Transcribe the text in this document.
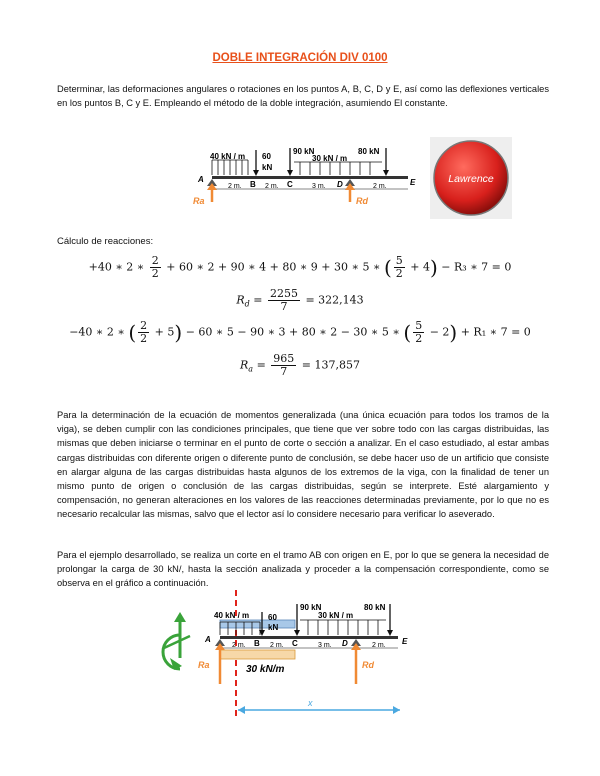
DOBLE INTEGRACIÓN DIV 0100
Determinar, las deformaciones angulares o rotaciones en los puntos A, B, C, D y E, así como las deflexiones verticales en los puntos B, C y E. Empleando el método de la doble integración, asumiendo El constante.
40 kN / m 60
kN
90 kN
30 kN / m
80 kN
A
B	C	D	E
2 m.	2 m.	3 m.	2 m.
Ra	Rd
Lawrence
Cálculo de reacciones:
+40 ∗ 2 ∗ $\frac{2}{2} + 60$ ∗ 2 + 90 ∗ 4 + 80 ∗ 9 + 30 ∗ 5 ∗ ( $\frac{5}{2} + 4) - R_3$ ∗ 7 = 0
$R_d = \frac{2255}{7} = 322,143$
−40 ∗ 2 ∗ ( $\frac{2}{2} + 5) - 60$ ∗ 5 − 90 ∗ 3 + 80 ∗ 2 − 30 ∗ 5 ∗ ( $\frac{5}{2} - 2) + R_1$ ∗ 7 = 0
$R_a = \frac{965}{7} = 137,857$
Para la determinación de la ecuación de momentos generalizada (una única ecuación para todos los tramos de la viga), se deben cumplir con las condiciones principales, que tiene que ver sobre todo con las cargas distribuidas, las mismas que deben iniciarse o terminar en el punto de corte o sección a analizar. En el caso estudiado, al estar ambas cargas distribuidas con diferente origen o diferente punto de conclusión, se debe hacer uso de un artificio que consiste en alargar alguna de las cargas distribuidas hasta algunos de los extremos de la viga, con la finalidad de tener un mismo punto de origen o conclusión de las cargas distribuidas, según se interprete. Esté alargamiento y compensación, no generan alteraciones en los valores de las reacciones determinadas previamente, por lo que no es necesario recalcular las mismas, salvo que el lector así lo considere necesario para verificar lo aseverado.
Para el ejemplo desarrollado, se realiza un corte en el tramo AB con origen en E, por lo que se genera la necesidad de prolongar la carga de 30 kN/, hasta la sección analizada y proceder a la compensación correspondiente, como se observa en el gráfico a continuación.
40 kN / m 60
kN
90 kN
30 kN / m
80 kN
A	B	C	D	E
2 m.	2 m.	3 m.	2 m.
Ra	Rd
30 kN/m
x
